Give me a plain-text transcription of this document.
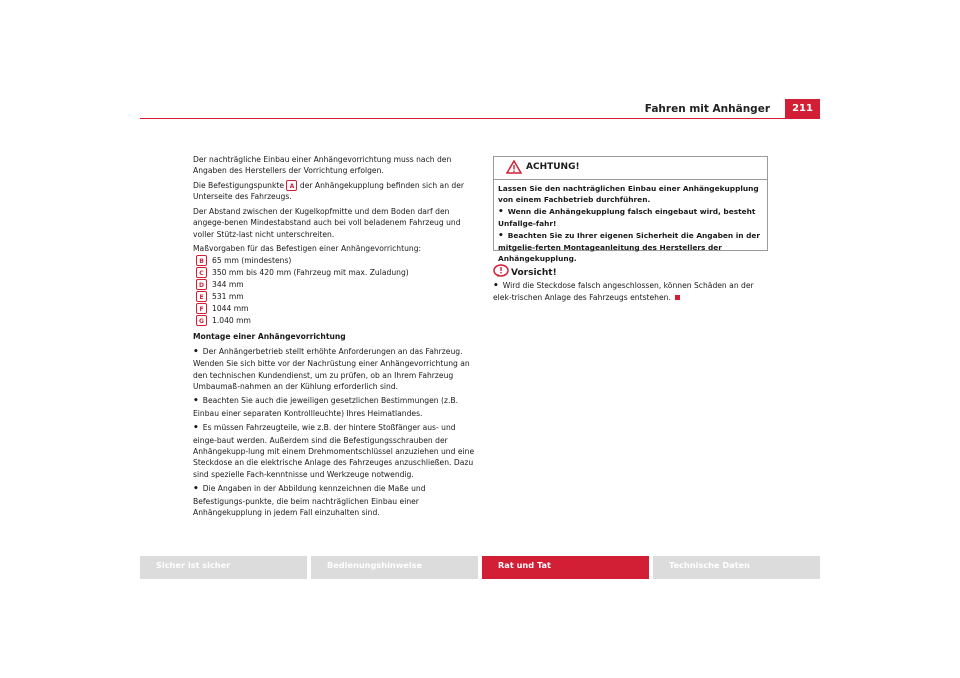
Fahren mit Anhänger	211

Der nachträgliche Einbau einer Anhängevorrichtung muss nach den Angaben des Herstellers der Vorrichtung erfolgen.

Die Befestigungspunkte A der Anhängekupplung befinden sich an der Unterseite des Fahrzeugs.

Der Abstand zwischen der Kugelkopfmitte und dem Boden darf den angege-benen Mindestabstand auch bei voll beladenem Fahrzeug und voller Stütz-last nicht unterschreiten.

Maßvorgaben für das Befestigen einer Anhängevorrichtung:

B	65 mm (mindestens)
C	350 mm bis 420 mm (Fahrzeug mit max. Zuladung)
D	344 mm
E	531 mm
F	1044 mm
G	1.040 mm

Montage einer Anhängevorrichtung

• Der Anhängerbetrieb stellt erhöhte Anforderungen an das Fahrzeug. Wenden Sie sich bitte vor der Nachrüstung einer Anhängevorrichtung an den technischen Kundendienst, um zu prüfen, ob an Ihrem Fahrzeug Umbaumaß-nahmen an der Kühlung erforderlich sind.

• Beachten Sie auch die jeweiligen gesetzlichen Bestimmungen (z.B. Einbau einer separaten Kontrollleuchte) Ihres Heimatlandes.

• Es müssen Fahrzeugteile, wie z.B. der hintere Stoßfänger aus- und einge-baut werden. Außerdem sind die Befestigungsschrauben der Anhängekupp-lung mit einem Drehmomentschlüssel anzuziehen und eine Steckdose an die elektrische Anlage des Fahrzeuges anzuschließen. Dazu sind spezielle Fach-kenntnisse und Werkzeuge notwendig.

• Die Angaben in der Abbildung kennzeichnen die Maße und Befestigungs-punkte, die beim nachträglichen Einbau einer Anhängekupplung in jedem Fall einzuhalten sind.

ACHTUNG!

Lassen Sie den nachträglichen Einbau einer Anhängekupplung von einem Fachbetrieb durchführen.

• Wenn die Anhängekupplung falsch eingebaut wird, besteht Unfallge-fahr!

• Beachten Sie zu Ihrer eigenen Sicherheit die Angaben in der mitgelie-ferten Montageanleitung des Herstellers der Anhängekupplung.

Vorsicht!

• Wird die Steckdose falsch angeschlossen, können Schäden an der elek-trischen Anlage des Fahrzeugs entstehen.

Sicher ist sicher	Bedienungshinweise	Rat und Tat	Technische Daten
